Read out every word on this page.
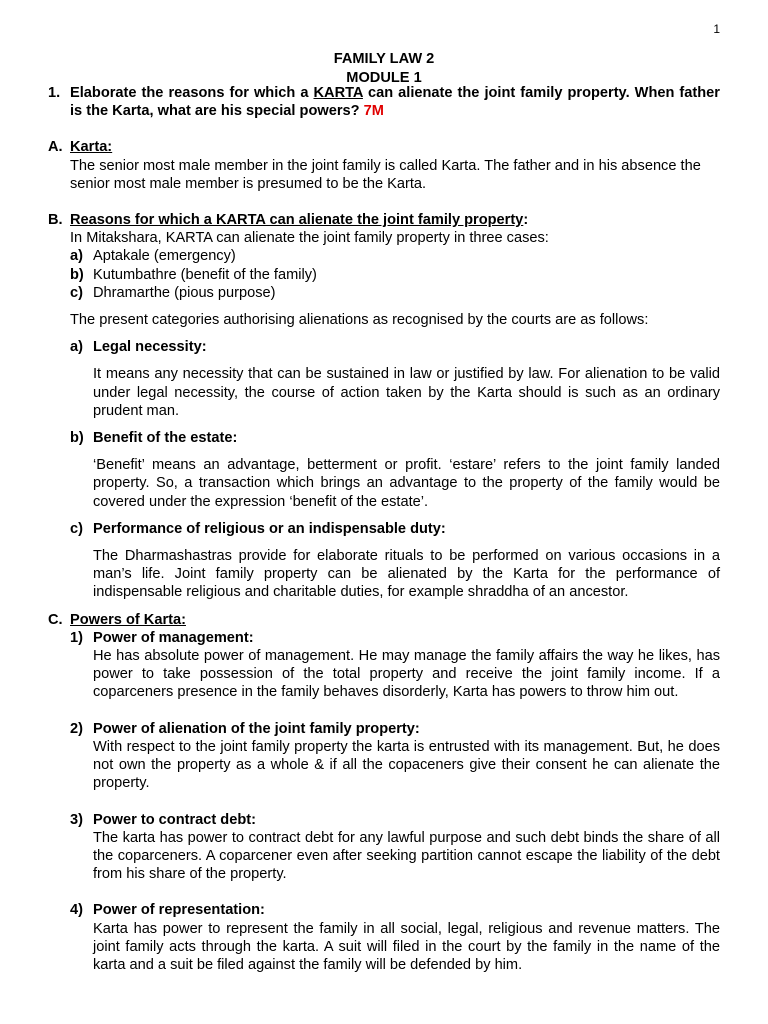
1
FAMILY LAW 2
MODULE 1
1. Elaborate the reasons for which a KARTA can alienate the joint family property. When father is the Karta, what are his special powers? 7M
A. Karta:

The senior most male member in the joint family is called Karta. The father and in his absence the senior most male member is presumed to be the Karta.

B. Reasons for which a KARTA can alienate the joint family property:

In Mitakshara, KARTA can alienate the joint family property in three cases:

a) Aptakale (emergency)
b) Kutumbathre (benefit of the family)
c) Dhramarthe (pious purpose)

The present categories authorising alienations as recognised by the courts are as follows:

a) Legal necessity:

It means any necessity that can be sustained in law or justified by law. For alienation to be valid under legal necessity, the course of action taken by the Karta should is such as an ordinary prudent man.

b) Benefit of the estate:

‘Benefit’ means an advantage, betterment or profit. ‘estare’ refers to the joint family landed property. So, a transaction which brings an advantage to the property of the family would be covered under the expression ‘benefit of the estate’.

c) Performance of religious or an indispensable duty:

The Dharmashastras provide for elaborate rituals to be performed on various occasions in a man’s life. Joint family property can be alienated by the Karta for the performance of indispensable religious and charitable duties, for example shraddha of an ancestor.

C. Powers of Karta:
1) Power of management:

He has absolute power of management. He may manage the family affairs the way he likes, has power to take possession of the total property and receive the joint family income. If a coparceners presence in the family behaves disorderly, Karta has powers to throw him out.

2) Power of alienation of the joint family property:

With respect to the joint family property the karta is entrusted with its management. But, he does not own the property as a whole & if all the copaceners give their consent he can alienate the property.

3) Power to contract debt:

The karta has power to contract debt for any lawful purpose and such debt binds the share of all the coparceners. A coparcener even after seeking partition cannot escape the liability of the debt from his share of the property.

4) Power of representation:

Karta has power to represent the family in all social, legal, religious and revenue matters. The joint family acts through the karta. A suit will filed in the court by the family in the name of the karta and a suit be filed against the family will be defended by him.
